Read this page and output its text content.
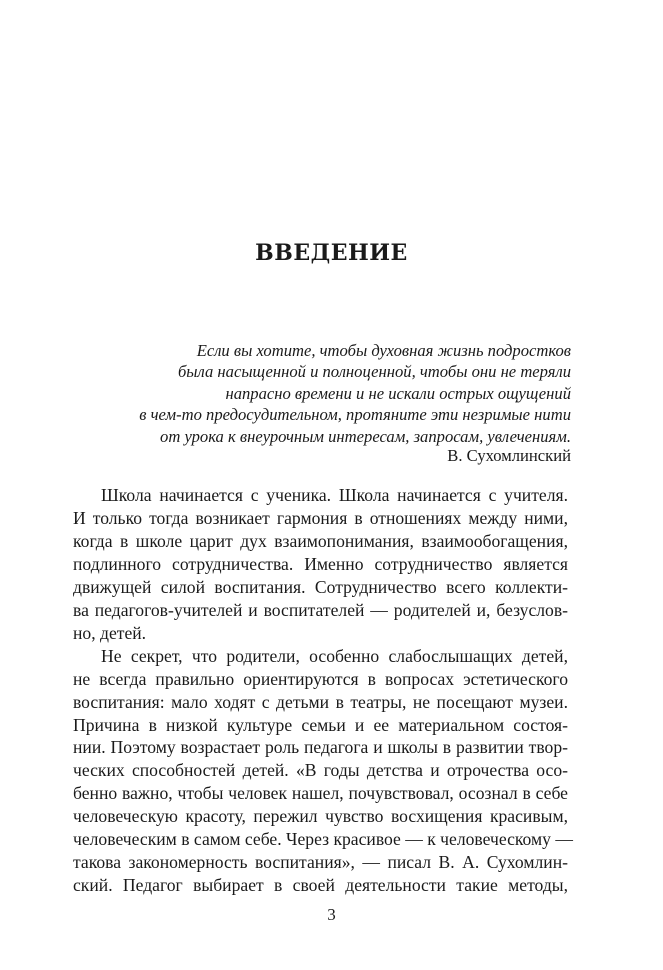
ВВЕДЕНИЕ
Если вы хотите, чтобы духовная жизнь подростков
была насыщенной и полноценной, чтобы они не теряли
напрасно времени и не искали острых ощущений
в чем-то предосудительном, протяните эти незримые нити
от урока к внеурочным интересам, запросам, увлечениям.
В. Сухомлинский
Школа начинается с ученика. Школа начинается с учителя.
И только тогда возникает гармония в отношениях между ними,
когда в школе царит дух взаимопонимания, взаимообогащения,
подлинного сотрудничества. Именно сотрудничество является
движущей силой воспитания. Сотрудничество всего коллекти-
ва педагогов-учителей и воспитателей — родителей и, безуслов-
но, детей.
Не секрет, что родители, особенно слабослышащих детей,
не всегда правильно ориентируются в вопросах эстетического
воспитания: мало ходят с детьми в театры, не посещают музеи.
Причина в низкой культуре семьи и ее материальном состоя-
нии. Поэтому возрастает роль педагога и школы в развитии твор-
ческих способностей детей. «В годы детства и отрочества осо-
бенно важно, чтобы человек нашел, почувствовал, осознал в себе
человеческую красоту, пережил чувство восхищения красивым,
человеческим в самом себе. Через красивое — к человеческому —
такова закономерность воспитания», — писал В. А. Сухомлин-
ский. Педагог выбирает в своей деятельности такие методы,
3
